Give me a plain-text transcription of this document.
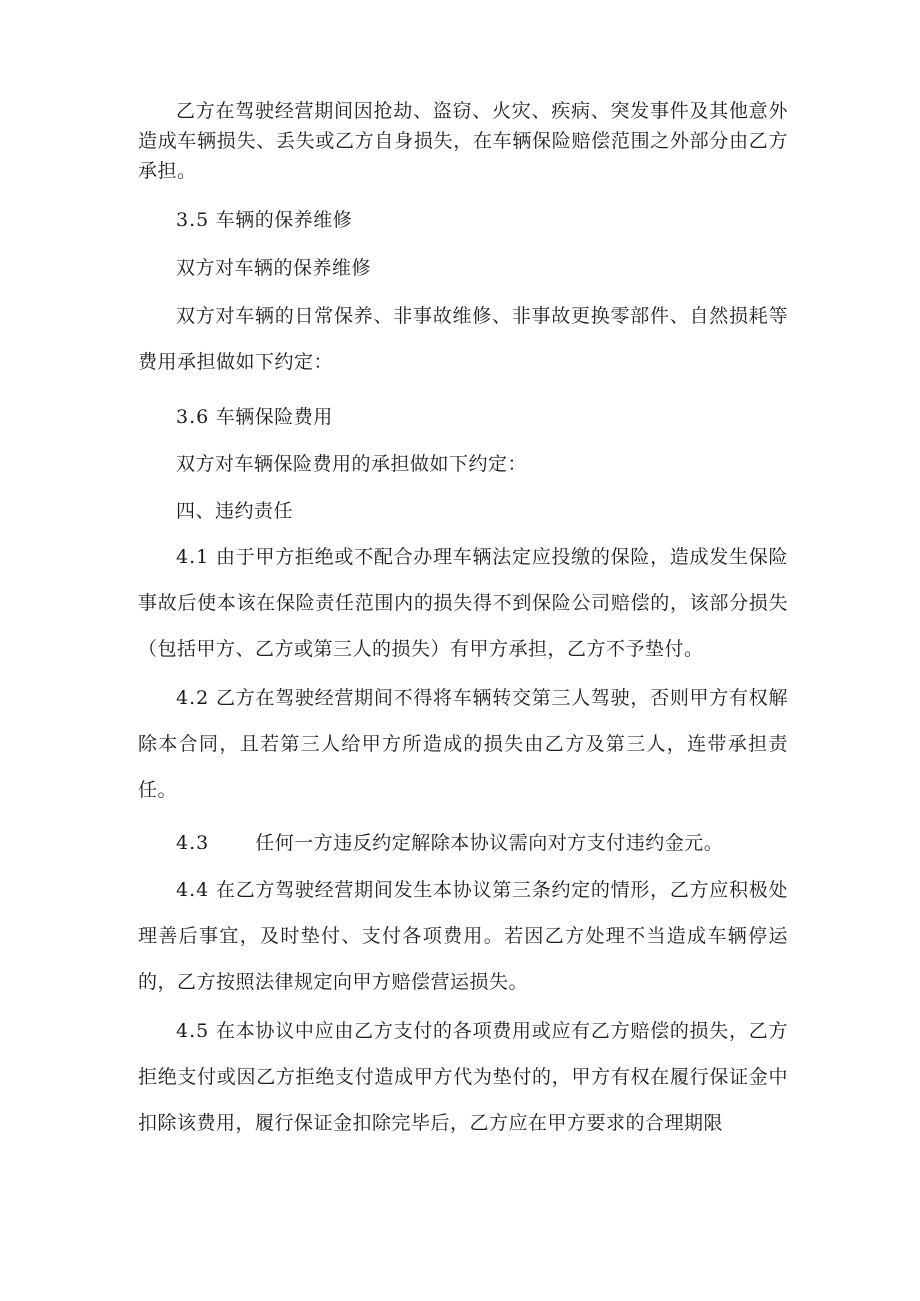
乙方在驾驶经营期间因抢劫、盗窃、火灾、疾病、突发事件及其他意外造成车辆损失、丢失或乙方自身损失，在车辆保险赔偿范围之外部分由乙方承担。

3.5 车辆的保养维修

双方对车辆的保养维修

双方对车辆的日常保养、非事故维修、非事故更换零部件、自然损耗等费用承担做如下约定：

3.6 车辆保险费用

双方对车辆保险费用的承担做如下约定：

四、违约责任

4.1 由于甲方拒绝或不配合办理车辆法定应投缴的保险，造成发生保险事故后使本该在保险责任范围内的损失得不到保险公司赔偿的，该部分损失（包括甲方、乙方或第三人的损失）有甲方承担，乙方不予垫付。

4.2 乙方在驾驶经营期间不得将车辆转交第三人驾驶，否则甲方有权解除本合同，且若第三人给甲方所造成的损失由乙方及第三人，连带承担责任。

4.3 任何一方违反约定解除本协议需向对方支付违约金元。

4.4 在乙方驾驶经营期间发生本协议第三条约定的情形，乙方应积极处理善后事宜，及时垫付、支付各项费用。若因乙方处理不当造成车辆停运的，乙方按照法律规定向甲方赔偿营运损失。

4.5 在本协议中应由乙方支付的各项费用或应有乙方赔偿的损失，乙方拒绝支付或因乙方拒绝支付造成甲方代为垫付的，甲方有权在履行保证金中扣除该费用，履行保证金扣除完毕后，乙方应在甲方要求的合理期限
